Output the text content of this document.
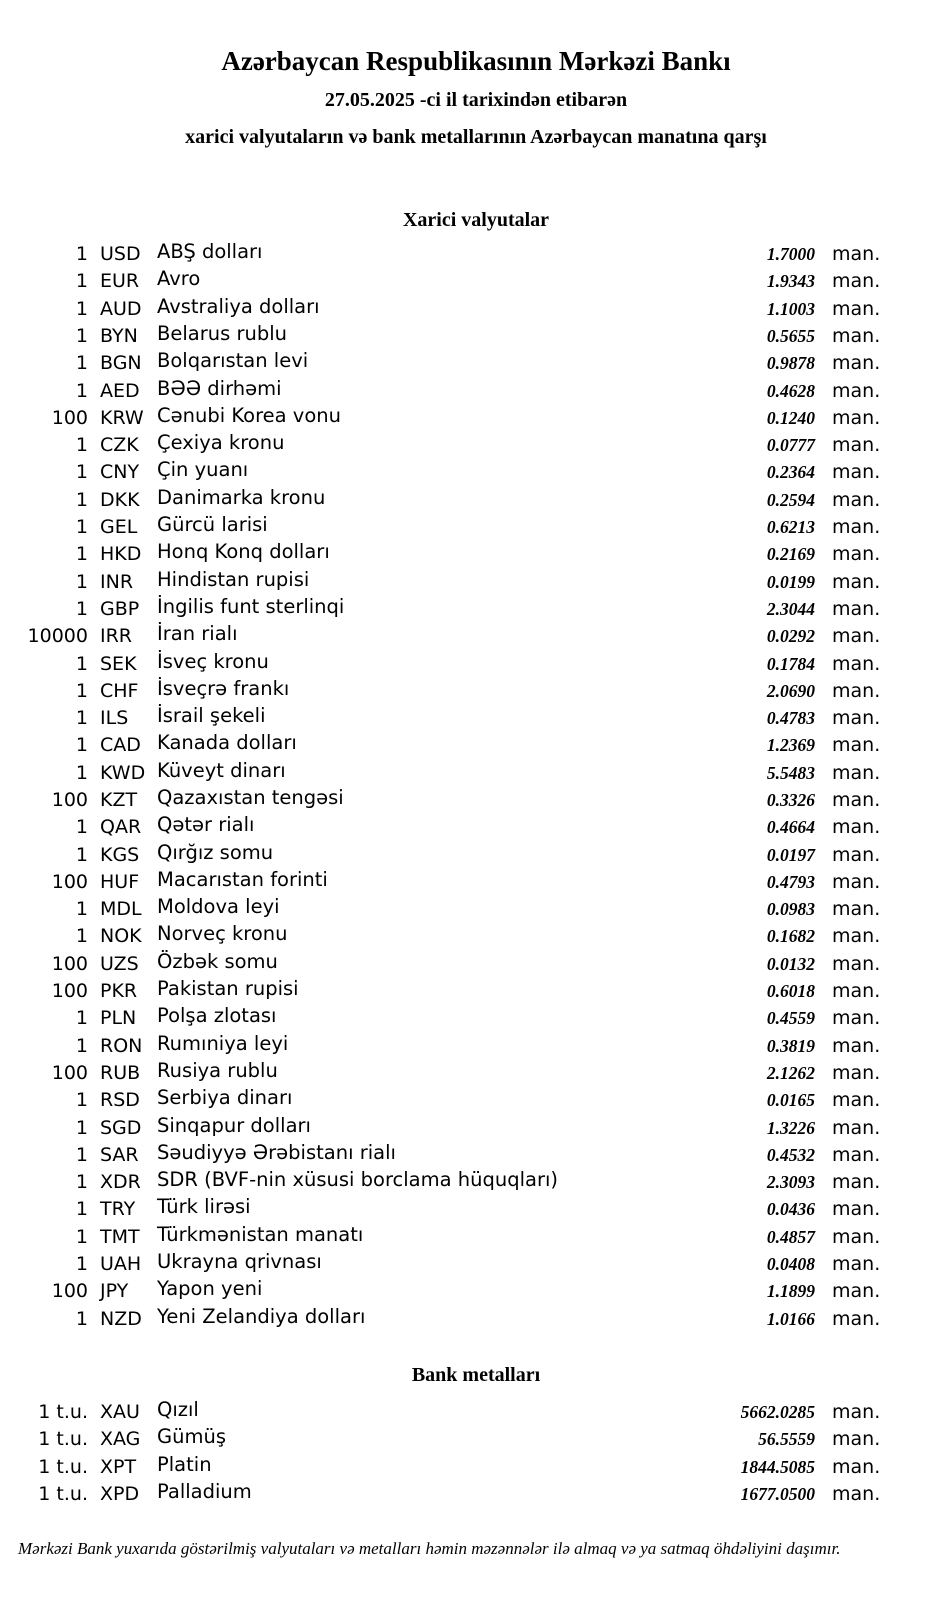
Azərbaycan Respublikasının Mərkəzi Bankı
27.05.2025 -ci il tarixindən etibarən
xarici valyutaların və bank metallarının Azərbaycan manatına qarşı
Xarici valyutalar
1 USD ABŞ dolları	1.7000 man.
1 EUR Avro	1.9343 man.
1 AUD Avstraliya dolları	1.1003 man.
1 BYN Belarus rublu	0.5655 man.
1 BGN Bolqarıstan levi	0.9878 man.
1 AED BƏƏ dirhəmi	0.4628 man.
100 KRW Cənubi Korea vonu	0.1240 man.
1 CZK Çexiya kronu	0.0777 man.
1 CNY Çin yuanı	0.2364 man.
1 DKK Danimarka kronu	0.2594 man.
1 GEL	Gürcü larisi	0.6213 man.
1 HKD Honq Konq dolları	0.2169 man.
1 INR	Hindistan rupisi	0.0199 man.
1 GBP İngilis funt sterlinqi	2.3044 man.
10000 IRR	İran rialı	0.0292 man.
1 SEK	İsveç kronu	0.1784 man.
1 CHF İsveçrə frankı	2.0690 man.
1 ILS	İsrail şekeli	0.4783 man.
1 CAD Kanada dolları	1.2369 man.
1 KWD Küveyt dinarı	5.5483 man.
100 KZT	Qazaxıstan tengəsi	0.3326 man.
1 QAR Qətər rialı	0.4664 man.
1 KGS Qırğız somu	0.0197 man.
100 HUF Macarıstan forinti	0.4793 man.
1 MDL Moldova leyi	0.0983 man.
1 NOK Norveç kronu	0.1682 man.
100 UZS Özbək somu	0.0132 man.
100 PKR	Pakistan rupisi	0.6018 man.
1 PLN	Polşa zlotası	0.4559 man.
1 RON Rumıniya leyi	0.3819 man.
100 RUB Rusiya rublu	2.1262 man.
1 RSD Serbiya dinarı	0.0165 man.
1 SGD Sinqapur dolları	1.3226 man.
1 SAR Səudiyyə Ərəbistanı rialı	0.4532 man.
1 XDR SDR (BVF-nin xüsusi borclama hüquqları)	2.3093 man.
1 TRY	Türk lirəsi	0.0436 man.
1 TMT Türkmənistan manatı	0.4857 man.
1 UAH Ukrayna qrivnası	0.0408 man.
100 JPY	Yapon yeni	1.1899 man.
1 NZD Yeni Zelandiya dolları	1.0166 man.
Bank metalları
1 t.u. XAU Qızıl	5662.0285 man.
1 t.u. XAG Gümüş	56.5559 man.
1 t.u. XPT	Platin	1844.5085 man.
1 t.u. XPD Palladium	1677.0500 man.
Mərkəzi Bank yuxarıda göstərilmiş valyutaları və metalları həmin məzənnələr ilə almaq və ya satmaq öhdəliyini daşımır.
